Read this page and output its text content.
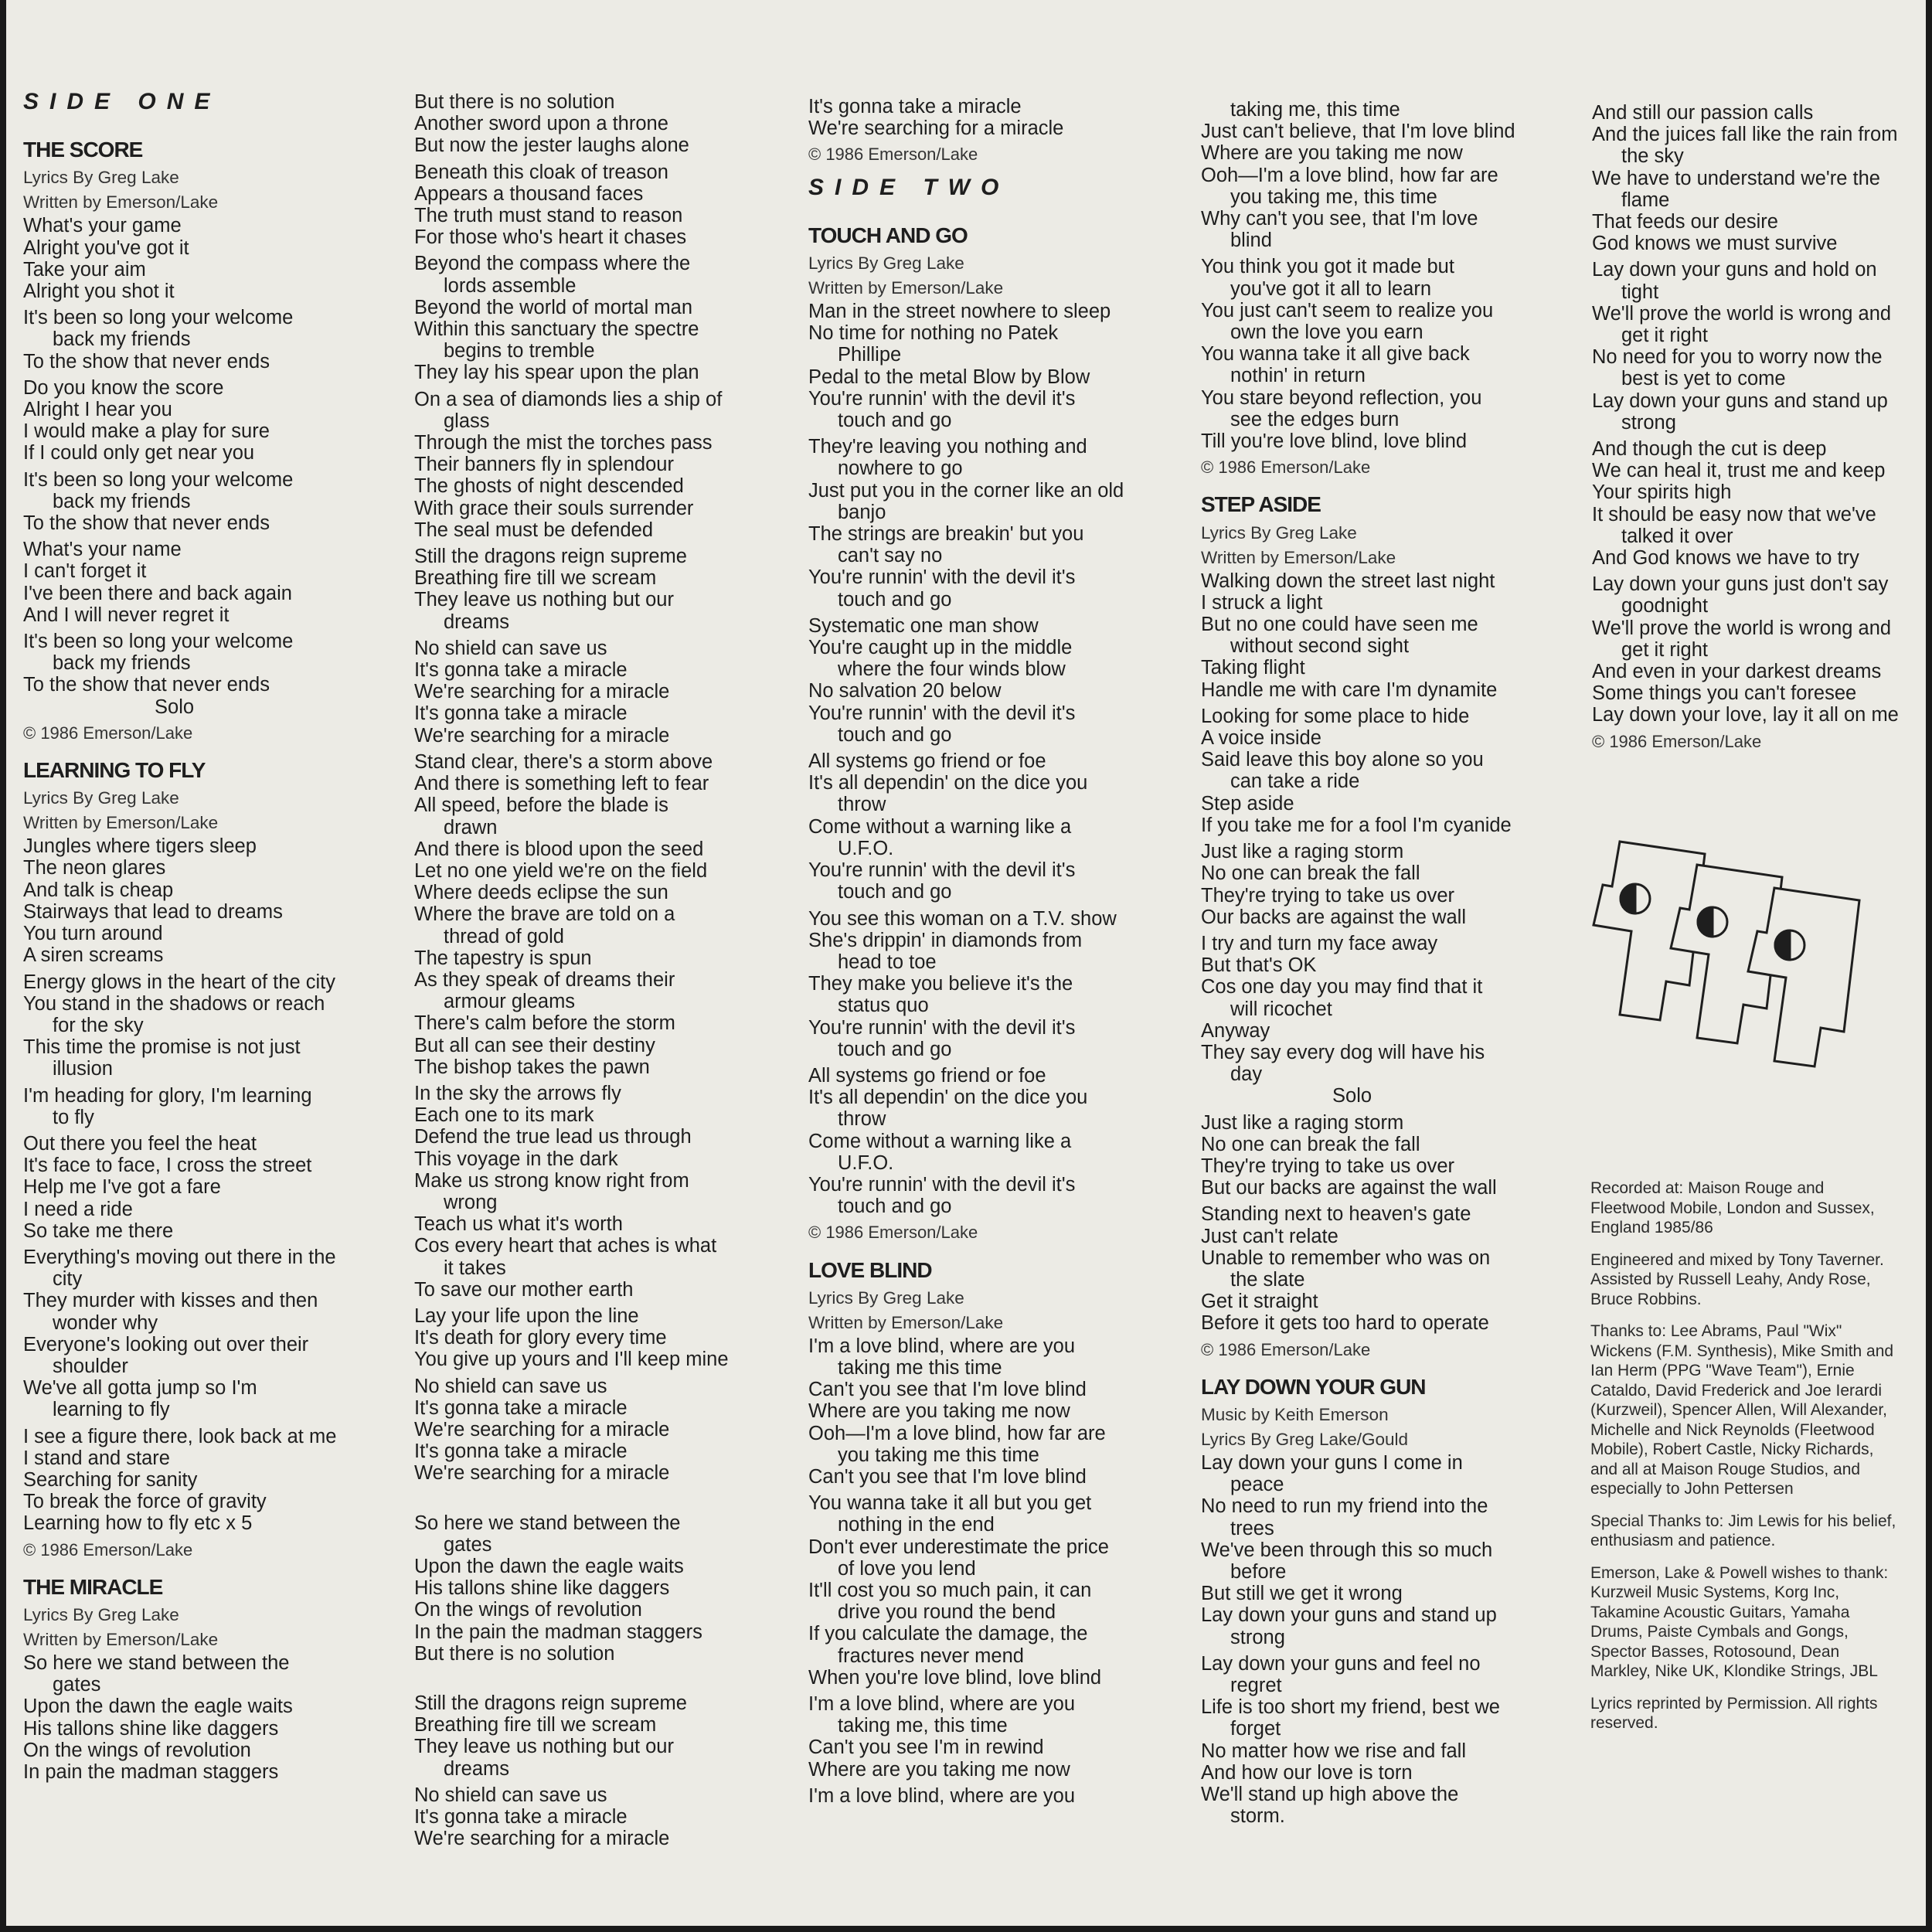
SIDE ONE
THE SCORE
Lyrics By Greg Lake
Written by Emerson/Lake
What's your game
Alright you've got it
Take your aim
Alright you shot it
It's been so long your welcome
back my friends
To the show that never ends
Do you know the score
Alright I hear you
I would make a play for sure
If I could only get near you
It's been so long your welcome
back my friends
To the show that never ends
What's your name
I can't forget it
I've been there and back again
And I will never regret it
It's been so long your welcome
back my friends
To the show that never ends
Solo
© 1986 Emerson/Lake
LEARNING TO FLY
Lyrics By Greg Lake
Written by Emerson/Lake
Jungles where tigers sleep
The neon glares
And talk is cheap
Stairways that lead to dreams
You turn around
A siren screams
Energy glows in the heart of the city
You stand in the shadows or reach
for the sky
This time the promise is not just
illusion
I'm heading for glory, I'm learning
to fly
Out there you feel the heat
It's face to face, I cross the street
Help me I've got a fare
I need a ride
So take me there
Everything's moving out there in the
city
They murder with kisses and then
wonder why
Everyone's looking out over their
shoulder
We've all gotta jump so I'm
learning to fly
I see a figure there, look back at me
I stand and stare
Searching for sanity
To break the force of gravity
Learning how to fly etc x 5
© 1986 Emerson/Lake
THE MIRACLE
Lyrics By Greg Lake
Written by Emerson/Lake
So here we stand between the
gates
Upon the dawn the eagle waits
His tallons shine like daggers
On the wings of revolution
In pain the madman staggers
But there is no solution
Another sword upon a throne
But now the jester laughs alone
Beneath this cloak of treason
Appears a thousand faces
The truth must stand to reason
For those who's heart it chases
Beyond the compass where the
lords assemble
Beyond the world of mortal man
Within this sanctuary the spectre
begins to tremble
They lay his spear upon the plan
On a sea of diamonds lies a ship of
glass
Through the mist the torches pass
Their banners fly in splendour
The ghosts of night descended
With grace their souls surrender
The seal must be defended
Still the dragons reign supreme
Breathing fire till we scream
They leave us nothing but our
dreams
No shield can save us
It's gonna take a miracle
We're searching for a miracle
It's gonna take a miracle
We're searching for a miracle
Stand clear, there's a storm above
And there is something left to fear
All speed, before the blade is
drawn
And there is blood upon the seed
Let no one yield we're on the field
Where deeds eclipse the sun
Where the brave are told on a
thread of gold
The tapestry is spun
As they speak of dreams their
armour gleams
There's calm before the storm
But all can see their destiny
The bishop takes the pawn
In the sky the arrows fly
Each one to its mark
Defend the true lead us through
This voyage in the dark
Make us strong know right from
wrong
Teach us what it's worth
Cos every heart that aches is what
it takes
To save our mother earth
Lay your life upon the line
It's death for glory every time
You give up yours and I'll keep mine
No shield can save us
It's gonna take a miracle
We're searching for a miracle
It's gonna take a miracle
We're searching for a miracle
So here we stand between the
gates
Upon the dawn the eagle waits
His tallons shine like daggers
On the wings of revolution
In the pain the madman staggers
But there is no solution
Still the dragons reign supreme
Breathing fire till we scream
They leave us nothing but our
dreams
No shield can save us
It's gonna take a miracle
We're searching for a miracle
It's gonna take a miracle
We're searching for a miracle
© 1986 Emerson/Lake
SIDE TWO
TOUCH AND GO
Lyrics By Greg Lake
Written by Emerson/Lake
Man in the street nowhere to sleep
No time for nothing no Patek
Phillipe
Pedal to the metal Blow by Blow
You're runnin' with the devil it's
touch and go
They're leaving you nothing and
nowhere to go
Just put you in the corner like an old
banjo
The strings are breakin' but you
can't say no
You're runnin' with the devil it's
touch and go
Systematic one man show
You're caught up in the middle
where the four winds blow
No salvation 20 below
You're runnin' with the devil it's
touch and go
All systems go friend or foe
It's all dependin' on the dice you
throw
Come without a warning like a
U.F.O.
You're runnin' with the devil it's
touch and go
You see this woman on a T.V. show
She's drippin' in diamonds from
head to toe
They make you believe it's the
status quo
You're runnin' with the devil it's
touch and go
All systems go friend or foe
It's all dependin' on the dice you
throw
Come without a warning like a
U.F.O.
You're runnin' with the devil it's
touch and go
© 1986 Emerson/Lake
LOVE BLIND
Lyrics By Greg Lake
Written by Emerson/Lake
I'm a love blind, where are you
taking me this time
Can't you see that I'm love blind
Where are you taking me now
Ooh—I'm a love blind, how far are
you taking me this time
Can't you see that I'm love blind
You wanna take it all but you get
nothing in the end
Don't ever underestimate the price
of love you lend
It'll cost you so much pain, it can
drive you round the bend
If you calculate the damage, the
fractures never mend
When you're love blind, love blind
I'm a love blind, where are you
taking me, this time
Can't you see I'm in rewind
Where are you taking me now
I'm a love blind, where are you
taking me, this time
Just can't believe, that I'm love blind
Where are you taking me now
Ooh—I'm a love blind, how far are
you taking me, this time
Why can't you see, that I'm love
blind
You think you got it made but
you've got it all to learn
You just can't seem to realize you
own the love you earn
You wanna take it all give back
nothin' in return
You stare beyond reflection, you
see the edges burn
Till you're love blind, love blind
© 1986 Emerson/Lake
STEP ASIDE
Lyrics By Greg Lake
Written by Emerson/Lake
Walking down the street last night
I struck a light
But no one could have seen me
without second sight
Taking flight
Handle me with care I'm dynamite
Looking for some place to hide
A voice inside
Said leave this boy alone so you
can take a ride
Step aside
If you take me for a fool I'm cyanide
Just like a raging storm
No one can break the fall
They're trying to take us over
Our backs are against the wall
I try and turn my face away
But that's OK
Cos one day you may find that it
will ricochet
Anyway
They say every dog will have his
day
Solo
Just like a raging storm
No one can break the fall
They're trying to take us over
But our backs are against the wall
Standing next to heaven's gate
Just can't relate
Unable to remember who was on
the slate
Get it straight
Before it gets too hard to operate
© 1986 Emerson/Lake
LAY DOWN YOUR GUN
Music by Keith Emerson
Lyrics By Greg Lake/Gould
Lay down your guns I come in
peace
No need to run my friend into the
trees
We've been through this so much
before
But still we get it wrong
Lay down your guns and stand up
strong
Lay down your guns and feel no
regret
Life is too short my friend, best we
forget
No matter how we rise and fall
And how our love is torn
We'll stand up high above the
storm.
And still our passion calls
And the juices fall like the rain from
the sky
We have to understand we're the
flame
That feeds our desire
God knows we must survive
Lay down your guns and hold on
tight
We'll prove the world is wrong and
get it right
No need for you to worry now the
best is yet to come
Lay down your guns and stand up
strong
And though the cut is deep
We can heal it, trust me and keep
Your spirits high
It should be easy now that we've
talked it over
And God knows we have to try
Lay down your guns just don't say
goodnight
We'll prove the world is wrong and
get it right
And even in your darkest dreams
Some things you can't foresee
Lay down your love, lay it all on me
© 1986 Emerson/Lake
Recorded at: Maison Rouge and Fleetwood Mobile, London and Sussex, England 1985/86
Engineered and mixed by Tony Taverner. Assisted by Russell Leahy, Andy Rose, Bruce Robbins.
Thanks to: Lee Abrams, Paul "Wix" Wickens (F.M. Synthesis), Mike Smith and Ian Herm (PPG "Wave Team"), Ernie Cataldo, David Frederick and Joe Ierardi (Kurzweil), Spencer Allen, Will Alexander, Michelle and Nick Reynolds (Fleetwood Mobile), Robert Castle, Nicky Richards, and all at Maison Rouge Studios, and especially to John Pettersen
Special Thanks to: Jim Lewis for his belief, enthusiasm and patience.
Emerson, Lake & Powell wishes to thank: Kurzweil Music Systems, Korg Inc, Takamine Acoustic Guitars, Yamaha Drums, Paiste Cymbals and Gongs, Spector Basses, Rotosound, Dean Markley, Nike UK, Klondike Strings, JBL
Lyrics reprinted by Permission. All rights reserved.
